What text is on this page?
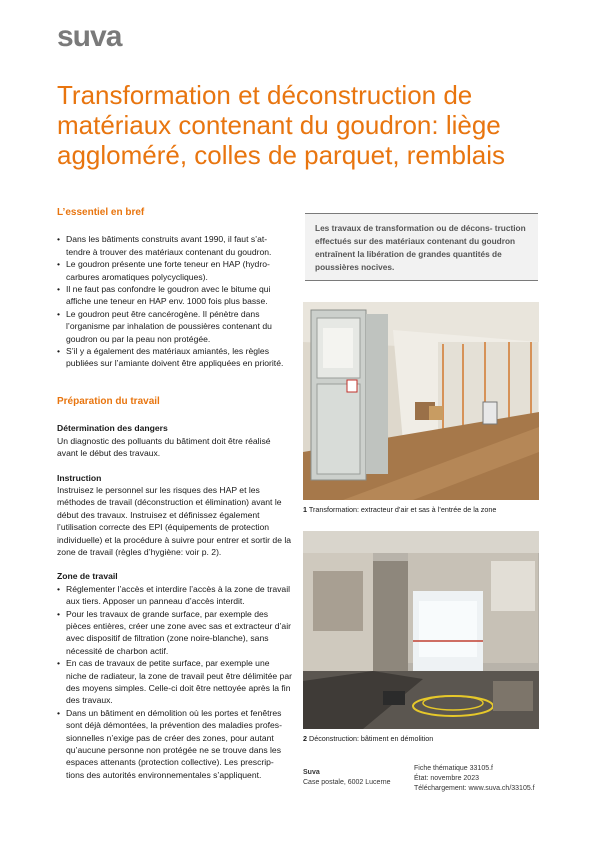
suva
Transformation et déconstruction de matériaux contenant du goudron: liège aggloméré, colles de parquet, remblais
L’essentiel en bref
• Dans les bâtiments construits avant 1990, il faut s’at- tendre à trouver des matériaux contenant du goudron.
• Le goudron présente une forte teneur en HAP (hydro- carbures aromatiques polycycliques).
• Il ne faut pas confondre le goudron avec le bitume qui affiche une teneur en HAP env. 1000 fois plus basse.
• Le goudron peut être cancérogène. Il pénètre dans l’organisme par inhalation de poussières contenant du goudron ou par la peau non protégée.
• S’il y a également des matériaux amiantés, les règles publiées sur l’amiante doivent être appliquées en priorité.
Préparation du travail
Détermination des dangers

Un diagnostic des polluants du bâtiment doit être réalisé avant le début des travaux.

Instruction

Instruisez le personnel sur les risques des HAP et les méthodes de travail (déconstruction et élimination) avant le début des travaux. Instruisez et définissez également l’utilisation correcte des EPI (équipements de protection individuelle) et la procédure à suivre pour entrer et sortir de la zone de travail (règles d’hygiène: voir p. 2).

Zone de travail
• Réglementer l’accès et interdire l’accès à la zone de travail aux tiers. Apposer un panneau d’accès interdit.
• Pour les travaux de grande surface, par exemple des pièces entières, créer une zone avec sas et extracteur d’air avec dispositif de filtration (zone noire-blanche), sans nécessité de charbon actif.
• En cas de travaux de petite surface, par exemple une niche de radiateur, la zone de travail peut être délimitée par des moyens simples. Celle-ci doit être nettoyée après la fin des travaux.
• Dans un bâtiment en démolition où les portes et fenêtres sont déjà démontées, la prévention des maladies profes- sionnelles n’exige pas de créer des zones, pour autant qu’aucune personne non protégée ne se trouve dans les espaces attenants (protection collective). Les prescrip- tions des autorités environnementales s’appliquent.
Les travaux de transformation ou de décons- truction effectués sur des matériaux contenant du goudron entraînent la libération de grandes quantités de poussières nocives.
1 Transformation: extracteur d’air et sas à l’entrée de la zone
2 Déconstruction: bâtiment en démolition
Suva
Case postale, 6002 Lucerne
Fiche thématique 33105.f
État: novembre 2023
Téléchargement: www.suva.ch/33105.f
